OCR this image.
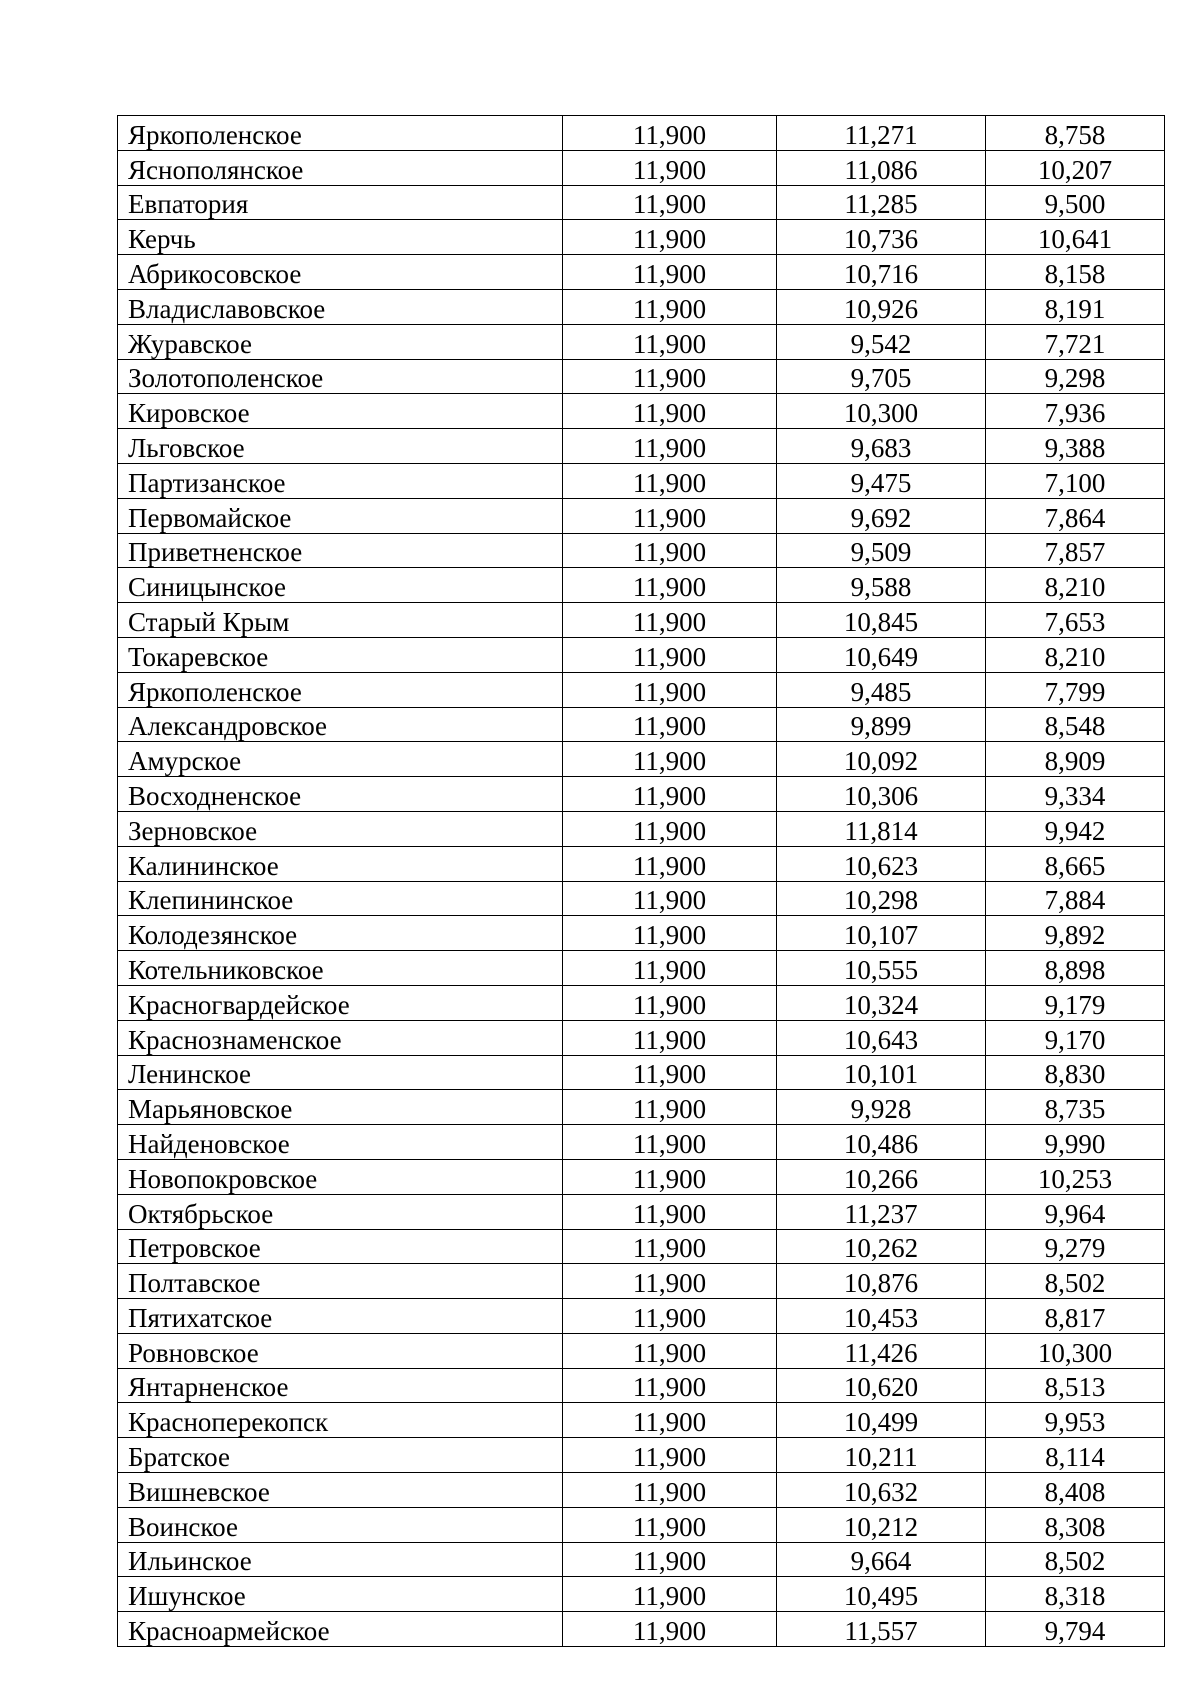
Яркополенское	11,900	11,271	8,758
Яснополянское	11,900	11,086	10,207
Евпатория	11,900	11,285	9,500
Керчь	11,900	10,736	10,641
Абрикосовское	11,900	10,716	8,158
Владиславовское	11,900	10,926	8,191
Журавское	11,900	9,542	7,721
Золотополенское	11,900	9,705	9,298
Кировское	11,900	10,300	7,936
Льговское	11,900	9,683	9,388
Партизанское	11,900	9,475	7,100
Первомайское	11,900	9,692	7,864
Приветненское	11,900	9,509	7,857
Синицынское	11,900	9,588	8,210
Старый Крым	11,900	10,845	7,653
Токаревское	11,900	10,649	8,210
Яркополенское	11,900	9,485	7,799
Александровское	11,900	9,899	8,548
Амурское	11,900	10,092	8,909
Восходненское	11,900	10,306	9,334
Зерновское	11,900	11,814	9,942
Калининское	11,900	10,623	8,665
Клепининское	11,900	10,298	7,884
Колодезянское	11,900	10,107	9,892
Котельниковское	11,900	10,555	8,898
Красногвардейское	11,900	10,324	9,179
Краснознаменское	11,900	10,643	9,170
Ленинское	11,900	10,101	8,830
Марьяновское	11,900	9,928	8,735
Найденовское	11,900	10,486	9,990
Новопокровское	11,900	10,266	10,253
Октябрьское	11,900	11,237	9,964
Петровское	11,900	10,262	9,279
Полтавское	11,900	10,876	8,502
Пятихатское	11,900	10,453	8,817
Ровновское	11,900	11,426	10,300
Янтарненское	11,900	10,620	8,513
Красноперекопск	11,900	10,499	9,953
Братское	11,900	10,211	8,114
Вишневское	11,900	10,632	8,408
Воинское	11,900	10,212	8,308
Ильинское	11,900	9,664	8,502
Ишунское	11,900	10,495	8,318
Красноармейское	11,900	11,557	9,794
